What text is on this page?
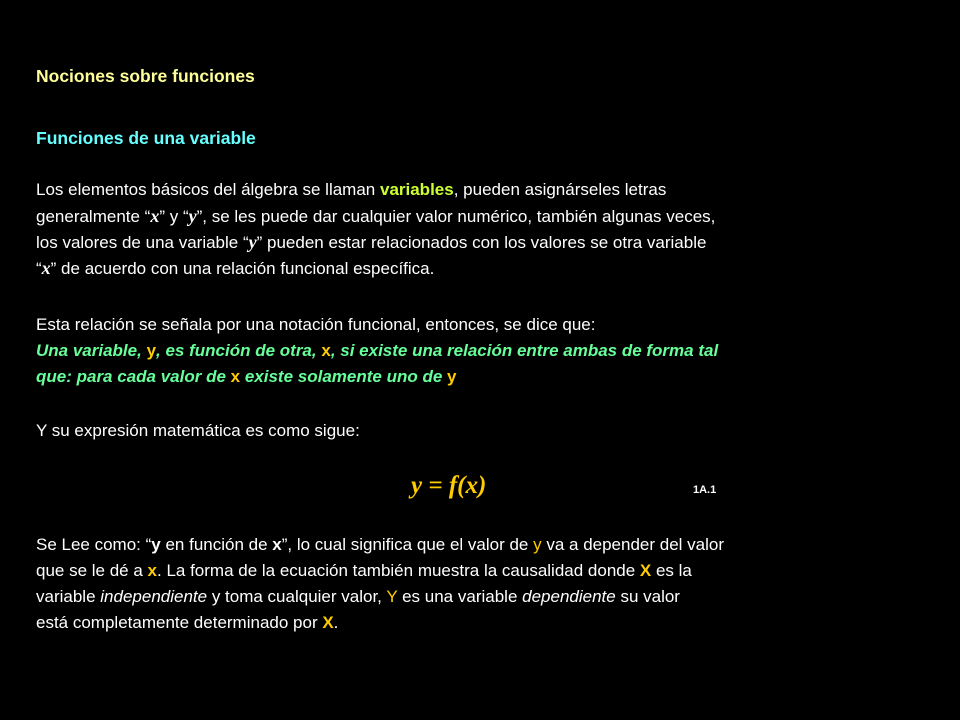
Nociones sobre funciones
Funciones de una variable
Los elementos básicos del álgebra se llaman variables, pueden asignárseles letras
generalmente “x” y “y”, se les puede dar cualquier valor numérico, también algunas veces,
los valores de una variable “y” pueden estar relacionados con los valores se otra variable
“x” de acuerdo con una relación funcional específica.
Esta relación se señala por una notación funcional, entonces, se dice que:
Una variable, y, es función de otra, x, si existe una relación entre ambas de forma tal
que: para cada valor de x existe solamente uno de y
Y su expresión matemática es como sigue:
y = f(x)	1A.1
Se Lee como: “y en función de x”, lo cual significa que el valor de y va a depender del valor
que se le dé a x. La forma de la ecuación también muestra la causalidad donde X es la
variable independiente y toma cualquier valor, Y es una variable dependiente su valor
está completamente determinado por X.
